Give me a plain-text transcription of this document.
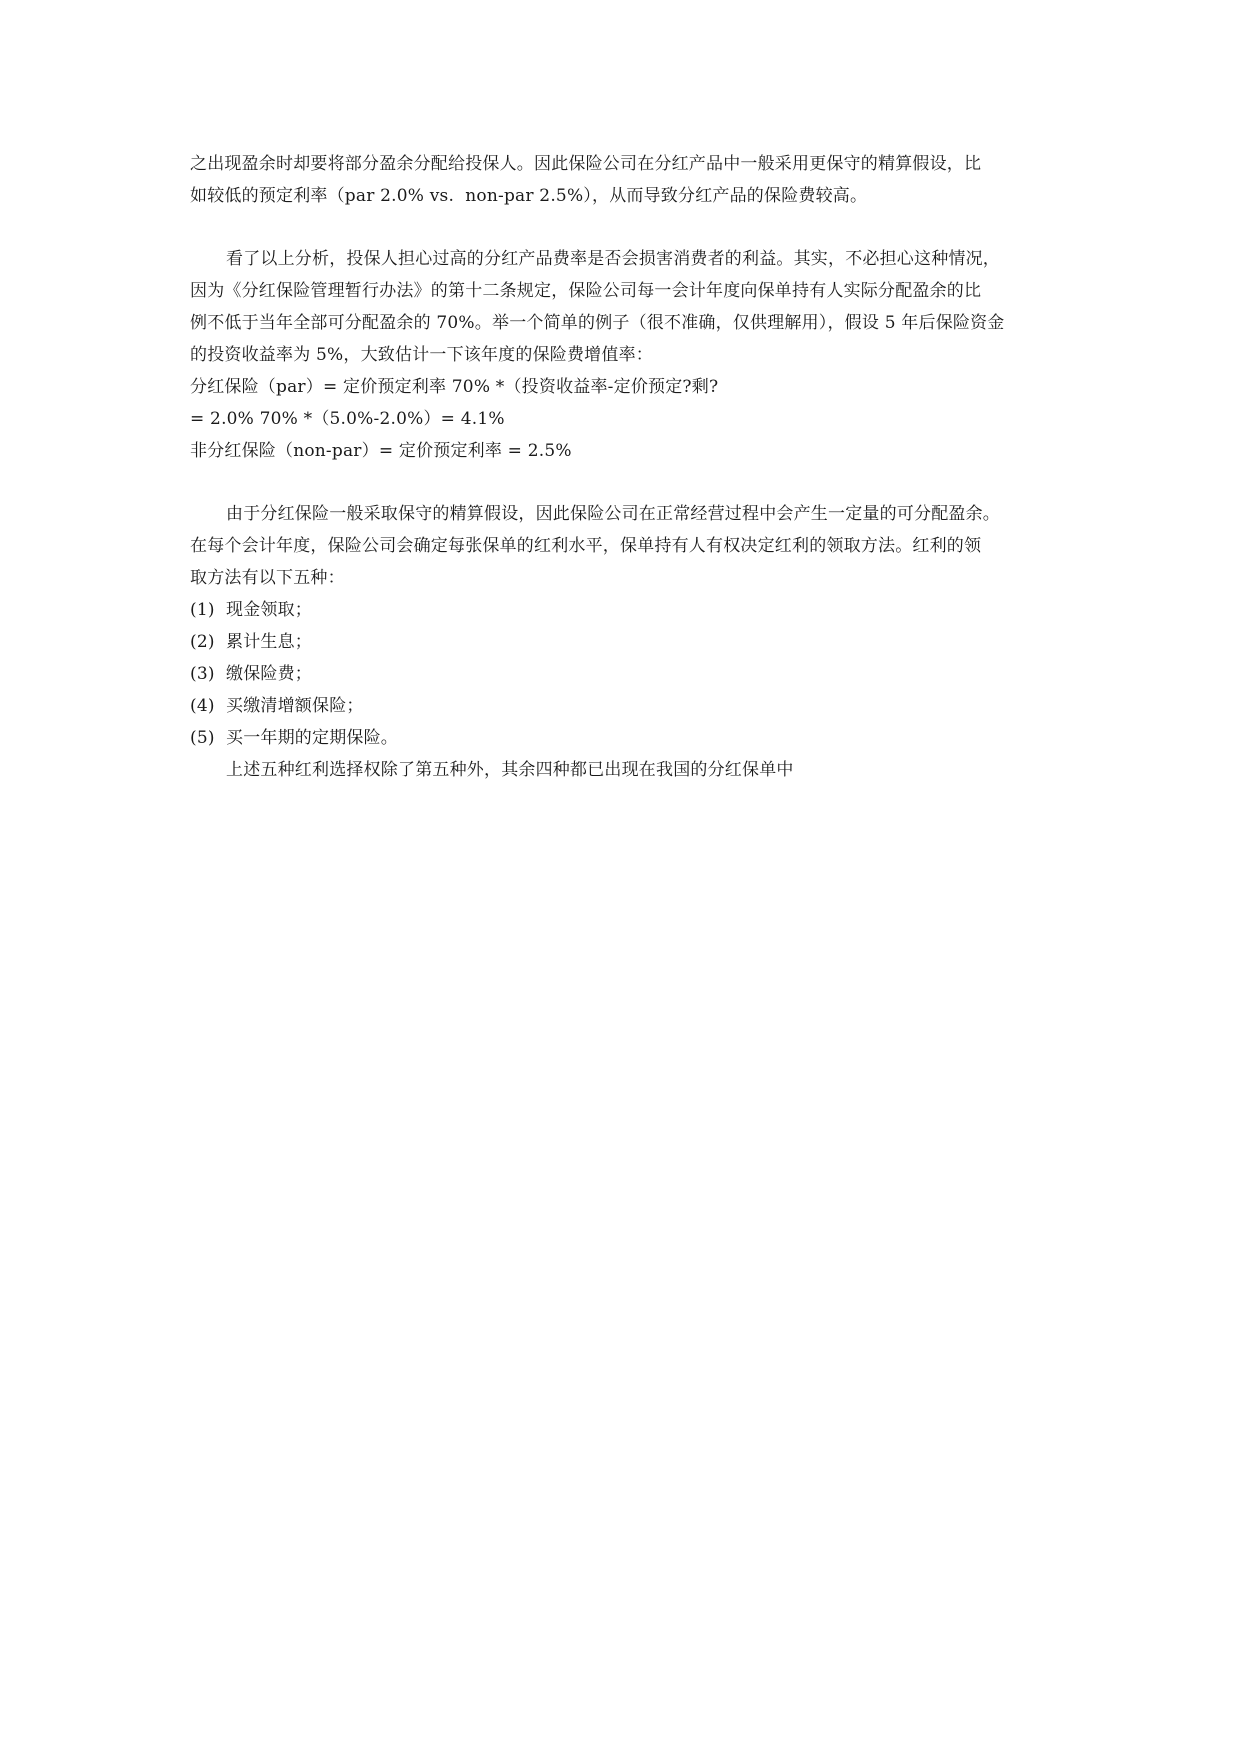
之出现盈余时却要将部分盈余分配给投保人。因此保险公司在分红产品中一般采用更保守的精算假设，比
如较低的预定利率（par 2.0% vs.  non-par 2.5%），从而导致分红产品的保险费较高。
看了以上分析，投保人担心过高的分红产品费率是否会损害消费者的利益。其实，不必担心这种情况，
因为《分红保险管理暂行办法》的第十二条规定，保险公司每一会计年度向保单持有人实际分配盈余的比
例不低于当年全部可分配盈余的 70%。举一个简单的例子（很不准确，仅供理解用），假设 5 年后保险资金
的投资收益率为 5%，大致估计一下该年度的保险费增值率：
分红保险（par）= 定价预定利率 70% *（投资收益率-定价预定?剩?
= 2.0% 70% *（5.0%-2.0%）= 4.1%
非分红保险（non-par）= 定价预定利率 = 2.5%
由于分红保险一般采取保守的精算假设，因此保险公司在正常经营过程中会产生一定量的可分配盈余。
在每个会计年度，保险公司会确定每张保单的红利水平，保单持有人有权决定红利的领取方法。红利的领
取方法有以下五种：
(1) 现金领取；
(2) 累计生息；
(3) 缴保险费；
(4) 买缴清增额保险；
(5) 买一年期的定期保险。
上述五种红利选择权除了第五种外，其余四种都已出现在我国的分红保单中
